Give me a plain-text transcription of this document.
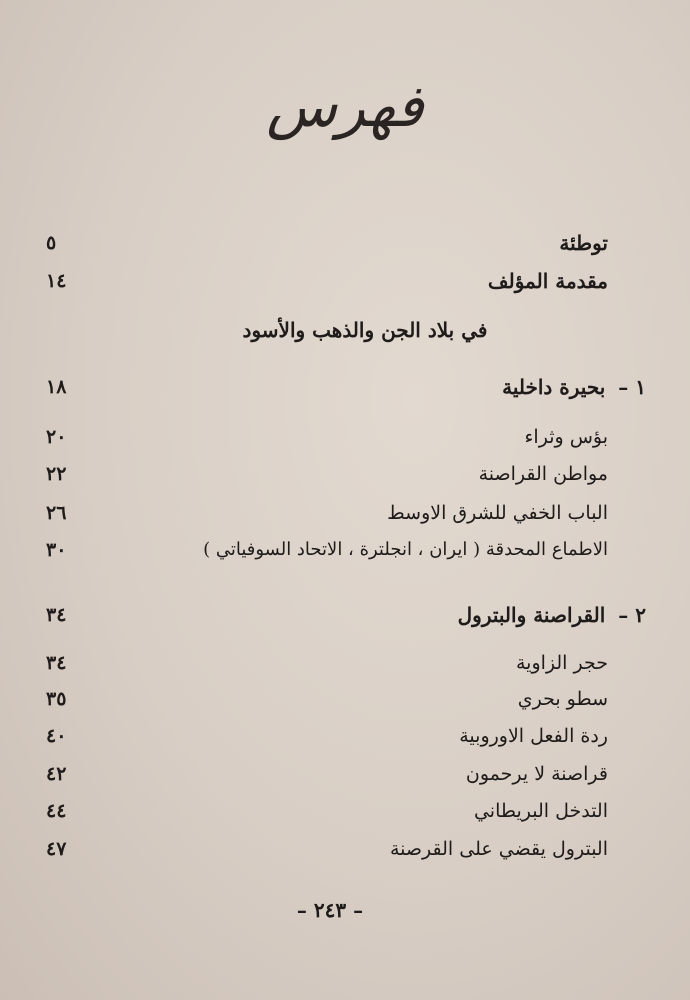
فهرس
توطئة
٥
مقدمة المؤلف
١٤
في بلاد الجن والذهب والأسود
١ – بحيرة داخلية
١٨
بؤس وثراء
٢٠
مواطن القراصنة
٢٢
الباب الخفي للشرق الاوسط
٢٦
الاطماع المحدقة ( ايران ، انجلترة ، الاتحاد السوفياتي )
٣٠
٢ – القراصنة والبترول
٣٤
حجر الزاوية
٣٤
سطو بحري
٣٥
ردة الفعل الاوروبية
٤٠
قراصنة لا يرحمون
٤٢
التدخل البريطاني
٤٤
البترول يقضي على القرصنة
٤٧
– ٢٤٣ –
